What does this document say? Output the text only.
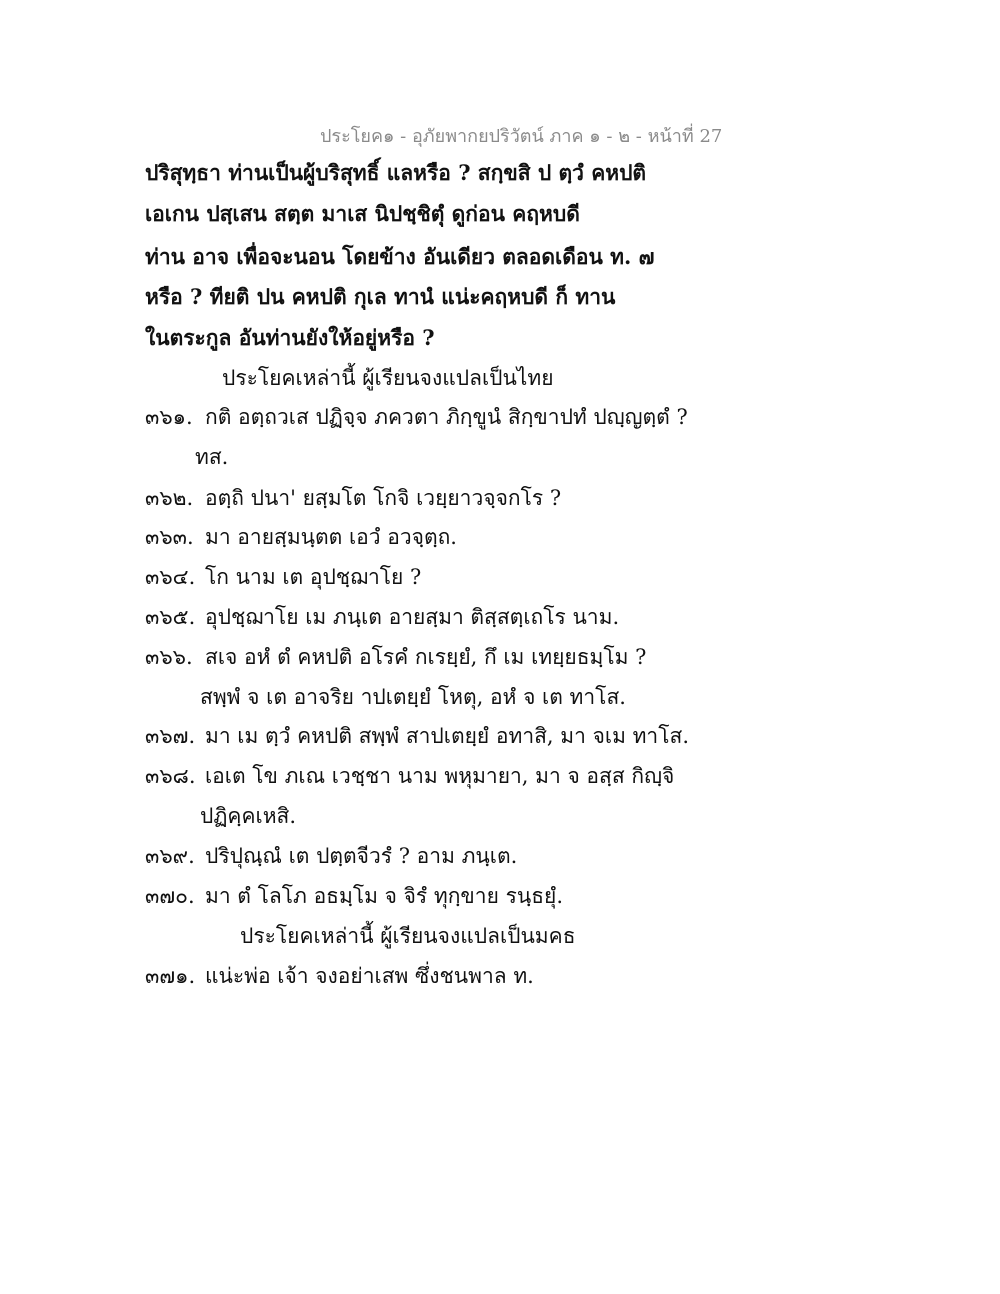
ประโยค๑ - อุภัยพากยปริวัตน์ ภาค ๑ - ๒ - หน้าที่ 27
ปริสุทฺธา ท่านเป็นผู้บริสุทธิ์ แลหรือ ? สกฺขสิ ป ตฺวํ คหปติ
เอเกน ปสฺเสน สตฺต มาเส นิปชฺชิตุํ ดูก่อน คฤหบดี
ท่าน อาจ เพื่อจะนอน โดยข้าง อันเดียว ตลอดเดือน ท. ๗
หรือ ? ทียติ ปน คหปติ กุเล ทานํ แน่ะคฤหบดี ก็ ทาน
ในตระกูล อันท่านยังให้อยู่หรือ ?
ประโยคเหล่านี้ ผู้เรียนจงแปลเป็นไทย
๓๖๑. กติ อตฺถวเส ปฏิจฺจ ภควตา ภิกฺขูนํ สิกฺขาปทํ ปญฺญตฺตํ ?
ทส.
๓๖๒. อตฺถิ ปนา' ยสฺมโต โกจิ เวยฺยาวจฺจกโร ?
๓๖๓. มา อายสฺมนฺตต เอวํ อวจฺตฺถ.
๓๖๔. โก นาม เต อุปชฺฌาโย ?
๓๖๕. อุปชฺฌาโย เม ภนฺเต อายสฺมา ติสฺสตฺเถโร นาม.
๓๖๖. สเจ อหํ ตํ คหปติ อโรคํ กเรยฺยํ, กึ เม เทยฺยธมฺโม ?
สพฺพํ จ เต อาจริย าปเตยฺยํ โหตุ, อหํ จ เต ทาโส.
๓๖๗. มา เม ตฺวํ คหปติ สพฺพํ สาปเตยฺยํ อทาสิ, มา จเม ทาโส.
๓๖๘. เอเต โข ภเณ เวชฺชา นาม พหุมายา, มา จ อสฺส กิญฺจิ
ปฏิคฺคเหสิ.
๓๖๙. ปริปุณฺณํ เต ปตฺตจีวรํ ? อาม ภนฺเต.
๓๗๐. มา ตํ โลโภ อธมฺโม จ จิรํ ทุกฺขาย รนฺธยุํ.
ประโยคเหล่านี้ ผู้เรียนจงแปลเป็นมคธ
๓๗๑. แน่ะพ่อ เจ้า จงอย่าเสพ ซึ่งชนพาล ท.
